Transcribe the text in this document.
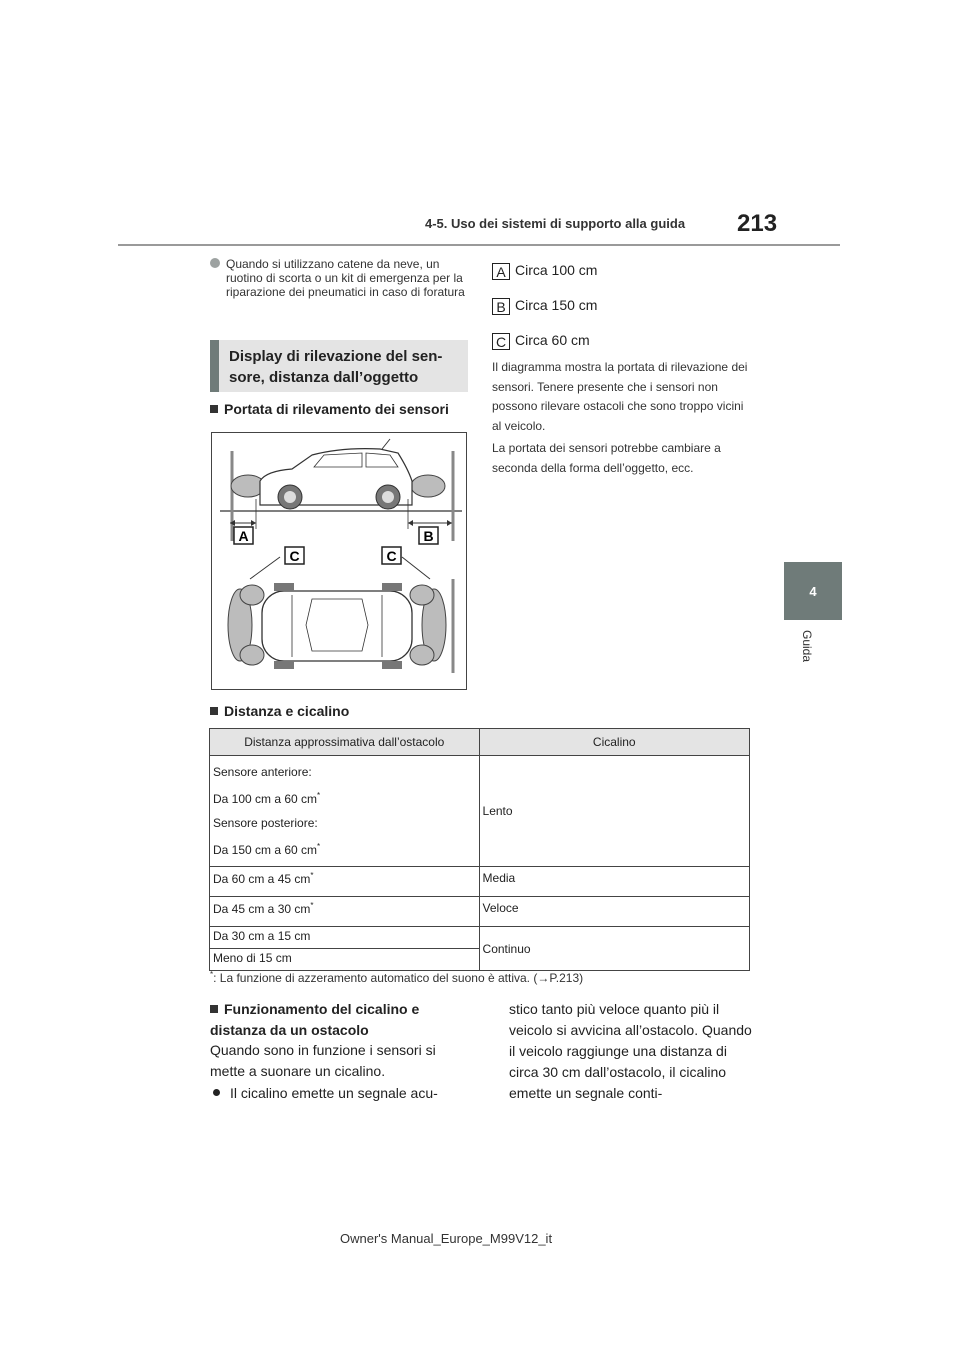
4-5. Uso dei sistemi di supporto alla guida 213
4
Guida
Quando si utilizzano catene da neve, un ruotino di scorta o un kit di emergenza per la riparazione dei pneumatici in caso di foratura
Display di rilevazione del sen-sore, distanza dall’oggetto
Portata di rilevamento dei sensori
A	B
C	C
Distanza e cicalino
A Circa 100 cm
B Circa 150 cm
C Circa 60 cm
Il diagramma mostra la portata di rilevazione dei sensori. Tenere presente che i sensori non possono rilevare ostacoli che sono troppo vicini al veicolo.
La portata dei sensori potrebbe cambiare a seconda della forma dell’oggetto, ecc.
Distanza approssimativa dall’ostacolo	Cicalino

Sensore anteriore:
Da 100 cm a 60 cm*
Sensore posteriore:
Da 150 cm a 60 cm*	Lento
Da 60 cm a 45 cm*	Media
Da 45 cm a 30 cm*	Veloce
Da 30 cm a 15 cm	Continuo
Meno di 15 cm	
*: La funzione di azzeramento automatico del suono è attiva. (→P.213)
Funzionamento del cicalino e distanza da un ostacolo
Quando sono in funzione i sensori si mette a suonare un cicalino.
Il cicalino emette un segnale acu-
stico tanto più veloce quanto più il veicolo si avvicina all’ostacolo. Quando il veicolo raggiunge una distanza di circa 30 cm dall’ostacolo, il cicalino emette un segnale conti-
Owner's Manual_Europe_M99V12_it
